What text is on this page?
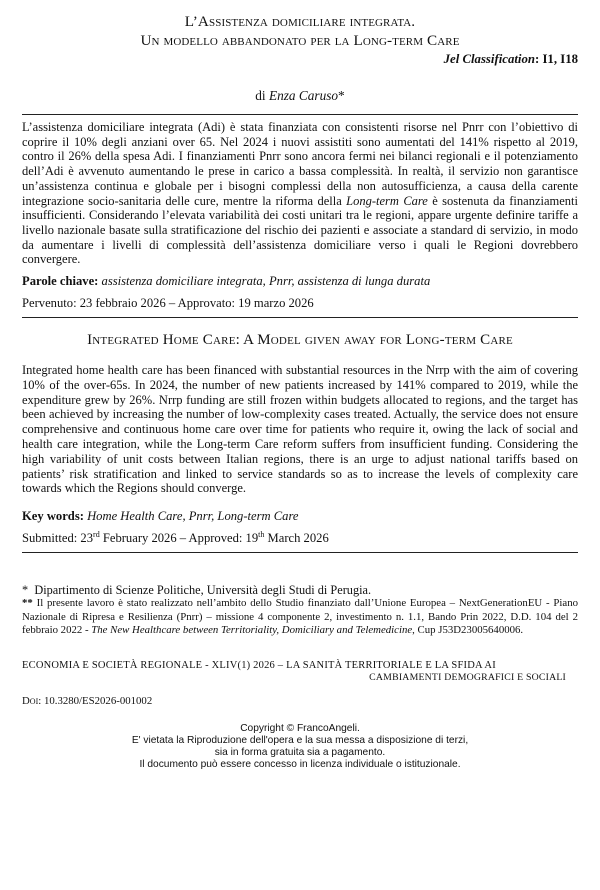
L’Assistenza domiciliare integrata.
Un modello abbandonato per la Long-term Care
Jel Classification: I1, I18
di Enza Caruso*

L’assistenza domiciliare integrata (Adi) è stata finanziata con consistenti risorse nel Pnrr con l’obiettivo di coprire il 10% degli anziani over 65. Nel 2024 i nuovi assistiti sono aumentati del 141% rispetto al 2019, contro il 26% della spesa Adi. I finanziamenti Pnrr sono ancora fermi nei bilanci regionali e il potenziamento dell’Adi è avvenuto aumentando le prese in carico a bassa complessità. In realtà, il servizio non garantisce un’assistenza continua e globale per i bisogni complessi della non autosufficienza, a causa della carente integrazione socio-sanitaria delle cure, mentre la riforma della Long-term Care è sostenuta da finanziamenti insufficienti. Considerando l’elevata variabilità dei costi unitari tra le regioni, appare urgente definire tariffe a livello nazionale basate sulla stratificazione del rischio dei pazienti e associate a standard di servizio, in modo da aumentare i livelli di complessità dell’assistenza domiciliare verso i quali le Regioni dovrebbero convergere.

Parole chiave: assistenza domiciliare integrata, Pnrr, assistenza di lunga durata
Pervenuto: 23 febbraio 2026 – Approvato: 19 marzo 2026
Integrated Home Care: A Model given away for Long-term Care

Integrated home health care has been financed with substantial resources in the Nrrp with the aim of covering 10% of the over-65s. In 2024, the number of new patients increased by 141% compared to 2019, while the expenditure grew by 26%. Nrrp funding are still frozen within budgets allocated to regions, and the target has been achieved by increasing the number of low-complexity cases treated. Actually, the service does not ensure comprehensive and continuous home care over time for patients who require it, owing the lack of social and health care integration, while the Long-term Care reform suffers from insufficient funding. Considering the high variability of unit costs between Italian regions, there is an urge to adjust national tariffs based on patients’ risk stratification and linked to service standards so as to increase the levels of complexity care towards which the Regions should converge.

Key words: Home Health Care, Pnrr, Long-term Care
Submitted: 23rd February 2026 – Approved: 19th March 2026
* Dipartimento di Scienze Politiche, Università degli Studi di Perugia.
** Il presente lavoro è stato realizzato nell’ambito dello Studio finanziato dall’Unione Europea – NextGenerationEU - Piano Nazionale di Ripresa e Resilienza (Pnrr) – missione 4 componente 2, investimento n. 1.1, Bando Prin 2022, D.D. 104 del 2 febbraio 2022 - The New Healthcare between Territoriality, Domiciliary and Telemedicine, Cup J53D23005640006.
ECONOMIA E SOCIETÀ REGIONALE - XLIV(1) 2026 – LA SANITÀ TERRITORIALE E LA SFIDA AI
CAMBIAMENTI DEMOGRAFICI E SOCIALI
Doi: 10.3280/ES2026-001002
Copyright © FrancoAngeli.
E' vietata la Riproduzione dell'opera e la sua messa a disposizione di terzi,
sia in forma gratuita sia a pagamento.
Il documento può essere concesso in licenza individuale o istituzionale.
